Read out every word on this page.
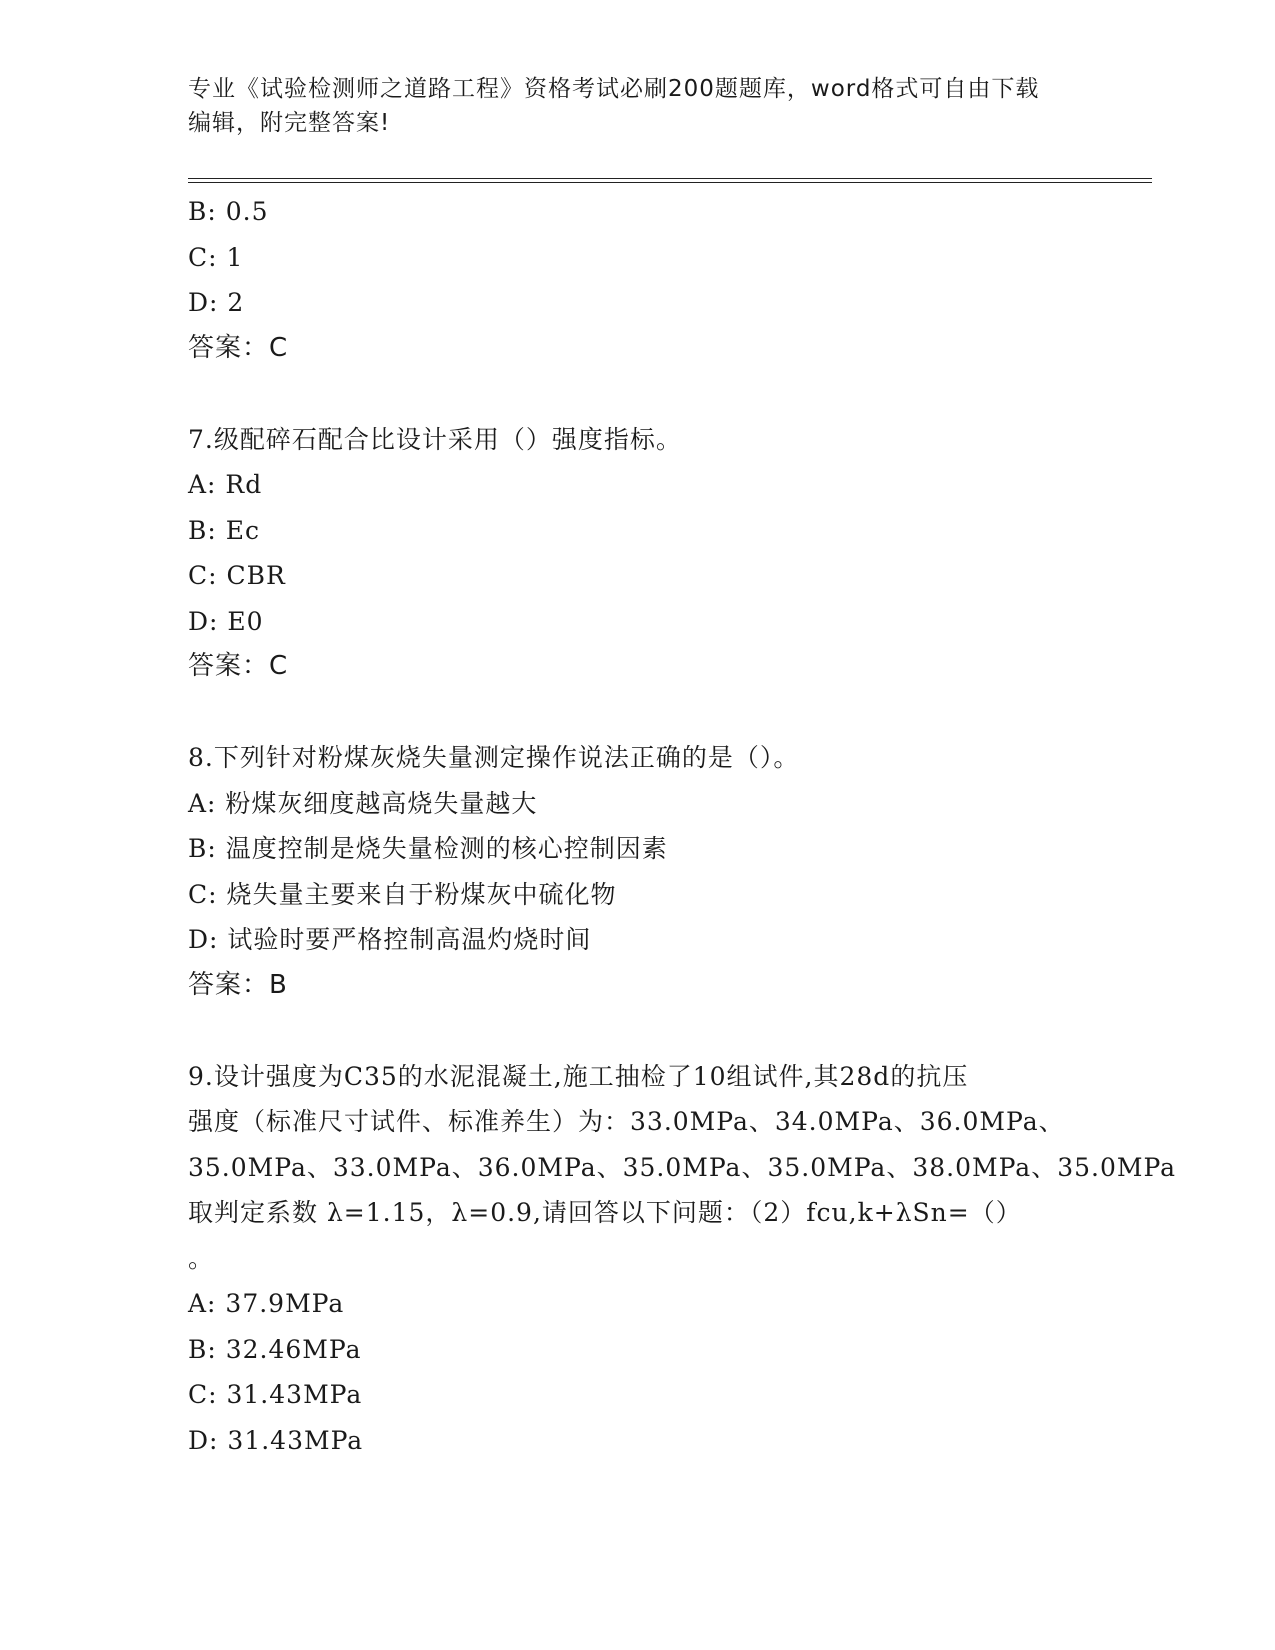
专业《试验检测师之道路工程》资格考试必刷200题题库，word格式可自由下载
编辑，附完整答案!
B: 0.5
C: 1
D: 2
答案：C
7.级配碎石配合比设计采用（）强度指标。
A: Rd
B: Ec
C: CBR
D: E0
答案：C
8.下列针对粉煤灰烧失量测定操作说法正确的是（）。
A: 粉煤灰细度越高烧失量越大
B: 温度控制是烧失量检测的核心控制因素
C: 烧失量主要来自于粉煤灰中硫化物
D: 试验时要严格控制高温灼烧时间
答案：B
9.设计强度为C35的水泥混凝土,施工抽检了10组试件,其28d的抗压
强度（标准尺寸试件、标准养生）为：33.0MPa、34.0MPa、36.0MPa、
35.0MPa、33.0MPa、36.0MPa、35.0MPa、35.0MPa、38.0MPa、35.0MPa
取判定系数 λ=1.15，λ=0.9,请回答以下问题：（2）fcu,k+λSn=（）
。
A: 37.9MPa
B: 32.46MPa
C: 31.43MPa
D: 31.43MPa
